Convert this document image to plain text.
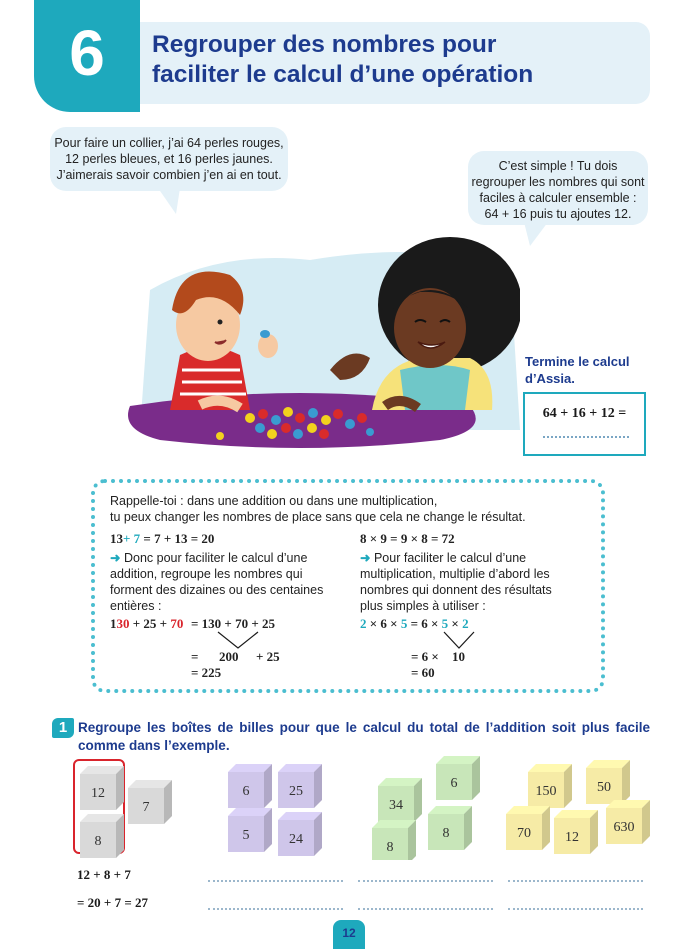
6	Regrouper des nombres pour
faciliter le calcul d’une opération
Pour faire un collier, j’ai 64 perles rouges,
12 perles bleues, et 16 perles jaunes.
J’aimerais savoir combien j’en ai en tout.
C’est simple ! Tu dois
regrouper les nombres qui sont
faciles à calculer ensemble :
64 + 16 puis tu ajoutes 12.
Termine le calcul
d’Assia.
64 + 16 + 12 =
Rappelle-toi : dans une addition ou dans une multiplication,
tu peux changer les nombres de place sans que cela ne change le résultat.
13+ 7 = 7 + 13 = 20
➜ Donc pour faciliter le calcul d’une
addition, regroupe les nombres qui
forment des dizaines ou des centaines
entières :
130 + 25 + 70 = 130 + 70 + 25
= 200 + 25
= 225
8 × 9 = 9 × 8 = 72
➜ Pour faciliter le calcul d’une
multiplication, multiplie d’abord les
nombres qui donnent des résultats
plus simples à utiliser :
2 × 6 × 5 = 6 × 5 × 2
= 6 × 10
= 60
1 Regroupe les boîtes de billes pour que le calcul du total de l’addition soit plus facile comme dans l’exemple.
12
7
8
6	25
5	24
34
6
8
8
150	50
70 12
630
12 + 8 + 7
= 20 + 7 = 27
12
